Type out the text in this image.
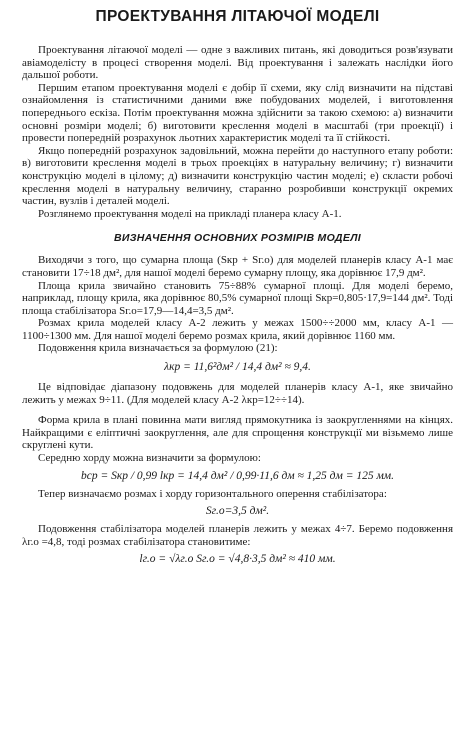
ПРОЕКТУВАННЯ ЛІТАЮЧОЇ МОДЕЛІ

Проектування літаючої моделі — одне з важливих питань, які доводиться розв'язувати авіамоделісту в процесі створення моделі. Від проектування і залежать наслідки його дальшої роботи.

Першим етапом проектування моделі є добір її схеми, яку слід визначити на підставі ознайомлення із статистичними даними вже побудованих моделей, і виготовлення попереднього ескіза. Потім проектування можна здійснити за такою схемою: а) визначити основні розміри моделі; б) виготовити креслення моделі в масштабі (три проекції) і провести попередній розрахунок льотних характеристик моделі та її стійкості.

Якщо попередній розрахунок задовільний, можна перейти до наступного етапу роботи: в) виготовити креслення моделі в трьох проекціях в натуральну величину; г) визначити конструкцію моделі в цілому; д) визначити конструкцію частин моделі; е) скласти робочі креслення моделі в натуральну величину, старанно розробивши конструкції окремих частин, вузлів і деталей моделі.

Розглянемо проектування моделі на прикладі планера класу А-1.

ВИЗНАЧЕННЯ ОСНОВНИХ РОЗМІРІВ МОДЕЛІ

Виходячи з того, що сумарна площа (Sкр + Sг.о) для моделей планерів класу А-1 має становити 17÷18 дм², для нашої моделі беремо сумарну площу, яка дорівнює 17,9 дм².

Площа крила звичайно становить 75÷88% сумарної площі. Для моделі беремо, наприклад, площу крила, яка дорівнює 80,5% сумарної площі Sкр=0,805·17,9=144 дм². Тоді площа стабілізатора Sг.о=17,9—14,4=3,5 дм².

Розмах крила моделей класу А-2 лежить у межах 1500÷÷2000 мм, класу А-1 — 1100÷1300 мм. Для нашої моделі беремо розмах крила, який дорівнює 1160 мм.

Подовження крила визначається за формулою (21):

λкр = 11,6²дм² / 14,4 дм² ≈ 9,4.

Це відповідає діапазону подовжень для моделей планерів класу А-1, яке звичайно лежить у межах 9÷11. (Для моделей класу А-2 λкр=12÷÷14).

Форма крила в плані повинна мати вигляд прямокутника із заокругленнями на кінцях. Найкращими є еліптичні заокруглення, але для спрощення конструкції ми візьмемо лише скруглені кути.

Середню хорду можна визначити за формулою:

bср = Sкр / 0,99 lкр = 14,4 дм² / 0,99·11,6 дм ≈ 1,25 дм = 125 мм.

Тепер визначаємо розмах і хорду горизонтального оперення стабілізатора:

Sг.о=3,5 дм².

Подовження стабілізатора моделей планерів лежить у межах 4÷7. Беремо подовження λг.о =4,8, тоді розмах стабілізатора становитиме:

lг.о = √λг.о Sг.о = √4,8·3,5 дм² ≈ 410 мм.
